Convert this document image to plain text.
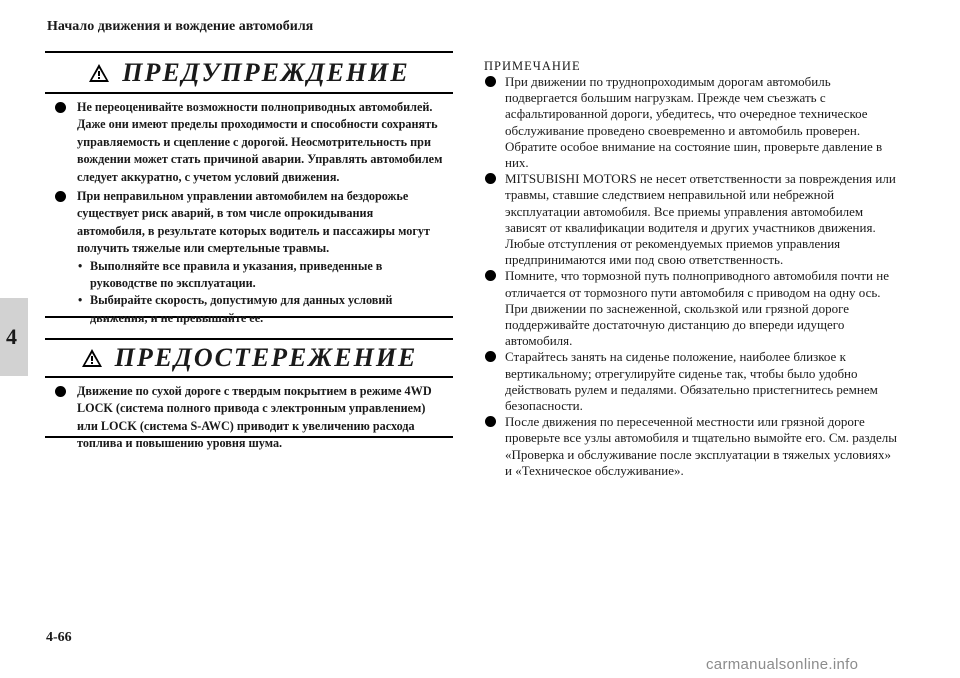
Начало движения и вождение автомобиля
4
ПРЕДУПРЕЖДЕНИЕ
Не переоценивайте возможности полноприводных автомобилей. Даже они имеют пределы проходимости и способности сохранять управляемость и сцепление с дорогой. Неосмотрительность при вождении может стать причиной аварии. Управлять автомобилем следует аккуратно, с учетом условий движения.
При неправильном управлении автомобилем на бездорожье существует риск аварий, в том числе опрокидывания автомобиля, в результате которых водитель и пассажиры могут получить тяжелые или смертельные травмы.
• Выполняйте все правила и указания, приведенные в руководстве по эксплуатации.
• Выбирайте скорость, допустимую для данных условий движения, и не превышайте ее.
ПРЕДОСТЕРЕЖЕНИЕ
Движение по сухой дороге с твердым покрытием в режиме 4WD LOCK (система полного привода с электронным управлением) или LOCK (система S-AWC) приводит к увеличению расхода топлива и повышению уровня шума.
ПРИМЕЧАНИЕ
При движении по труднопроходимым дорогам автомобиль подвергается большим нагрузкам. Прежде чем съезжать с асфальтированной дороги, убедитесь, что очередное техническое обслуживание проведено своевременно и автомобиль проверен. Обратите особое внимание на состояние шин, проверьте давление в них.
MITSUBISHI MOTORS не несет ответственности за повреждения или травмы, ставшие следствием неправильной или небрежной эксплуатации автомобиля. Все приемы управления автомобилем зависят от квалификации водителя и других участников движения. Любые отступления от рекомендуемых приемов управления предпринимаются ими под свою ответственность.
Помните, что тормозной путь полноприводного автомобиля почти не отличается от тормозного пути автомобиля с приводом на одну ось. При движении по заснеженной, скользкой или грязной дороге поддерживайте достаточную дистанцию до впереди идущего автомобиля.
Старайтесь занять на сиденье положение, наиболее близкое к вертикальному; отрегулируйте сиденье так, чтобы было удобно действовать рулем и педалями. Обязательно пристегнитесь ремнем безопасности.
После движения по пересеченной местности или грязной дороге проверьте все узлы автомобиля и тщательно вымойте его. См. разделы «Проверка и обслуживание после эксплуатации в тяжелых условиях» и «Техническое обслуживание».
4-66
carmanualsonline.info
